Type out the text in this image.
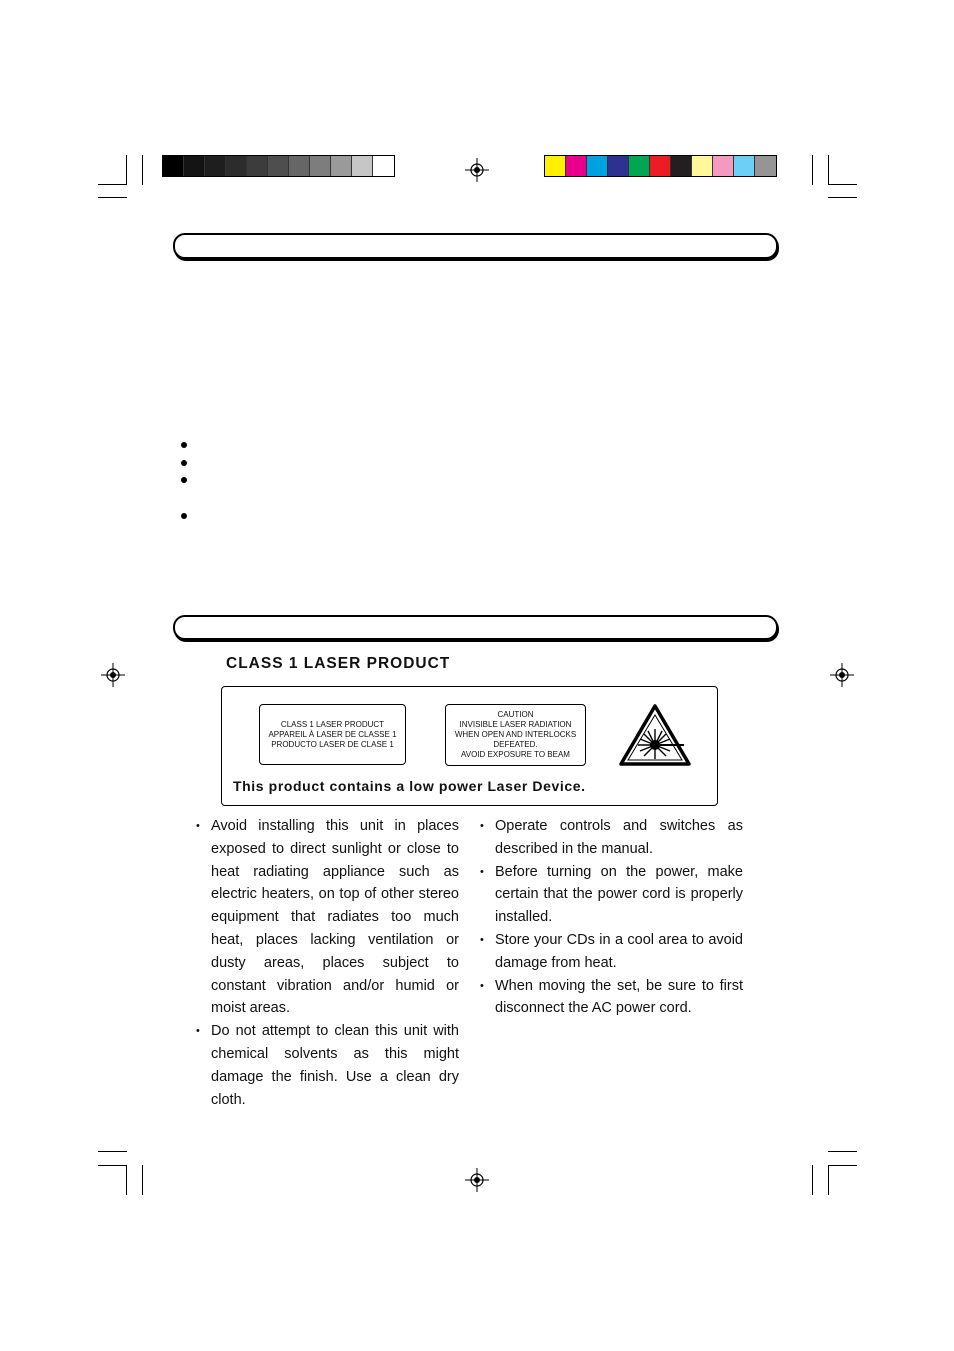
CLASS 1 LASER PRODUCT
CLASS 1 LASER PRODUCT
APPAREIL À LASER DE CLASSE 1
PRODUCTO LASER DE CLASE 1
CAUTION
INVISIBLE LASER RADIATION
WHEN OPEN AND INTERLOCKS
DEFEATED.
AVOID EXPOSURE TO BEAM
This product contains a low power Laser Device.
• Avoid installing this unit in places exposed to direct sunlight or close to heat radiating appliance such as electric heaters, on top of other stereo equipment that radiates too much heat, places lacking ventilation or dusty areas, places subject to constant vibration and/or humid or moist areas.
• Do not attempt to clean this unit with chemical solvents as this might damage the finish. Use a clean dry cloth.
• Operate controls and switches as described in the manual.
• Before turning on the power, make certain that the power cord is properly installed.
• Store your CDs in a cool area to avoid damage from heat.
• When moving the set, be sure to first disconnect the AC power cord.
